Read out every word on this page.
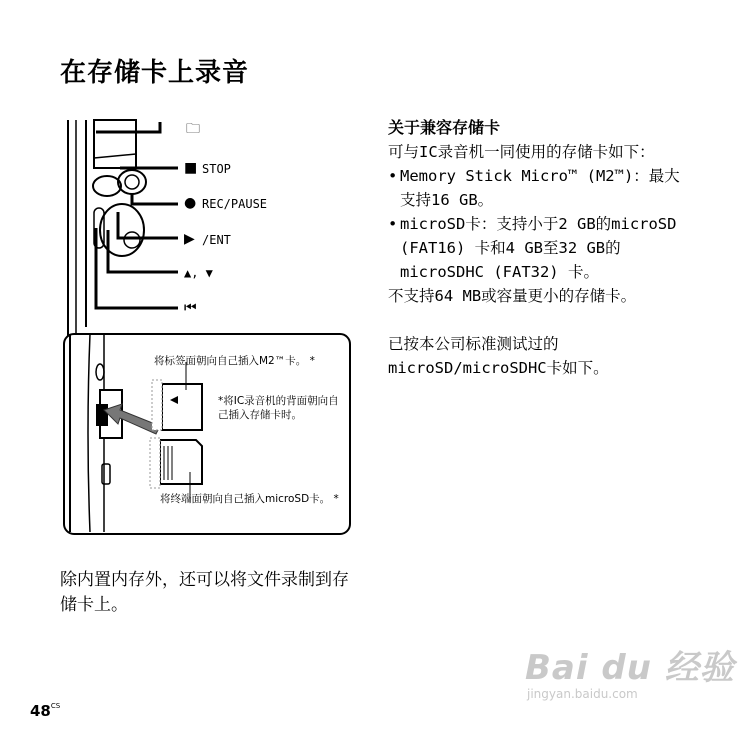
在存储卡上录音
🗀
■ STOP
● REC/PAUSE
▶ /ENT
▲, ▼
⏮
将标签面朝向自己插入M2™卡。 *
*将IC录音机的背面朝向自己插入存储卡时。
将终端面朝向自己插入microSD卡。 *
除内置内存外，还可以将文件录制到存储卡上。
关于兼容存储卡

可与IC录音机一同使用的存储卡如下：

• Memory Stick Micro™ (M2™)：最大支持16 GB。
• microSD卡：支持小于2 GB的microSD (FAT16) 卡和4 GB至32 GB的microSDHC (FAT32) 卡。

不支持64 MB或容量更小的存储卡。

已按本公司标准测试过的microSD/microSDHC卡如下。

$48^{CS}$
Bai du 经验
jingyan.baidu.com
